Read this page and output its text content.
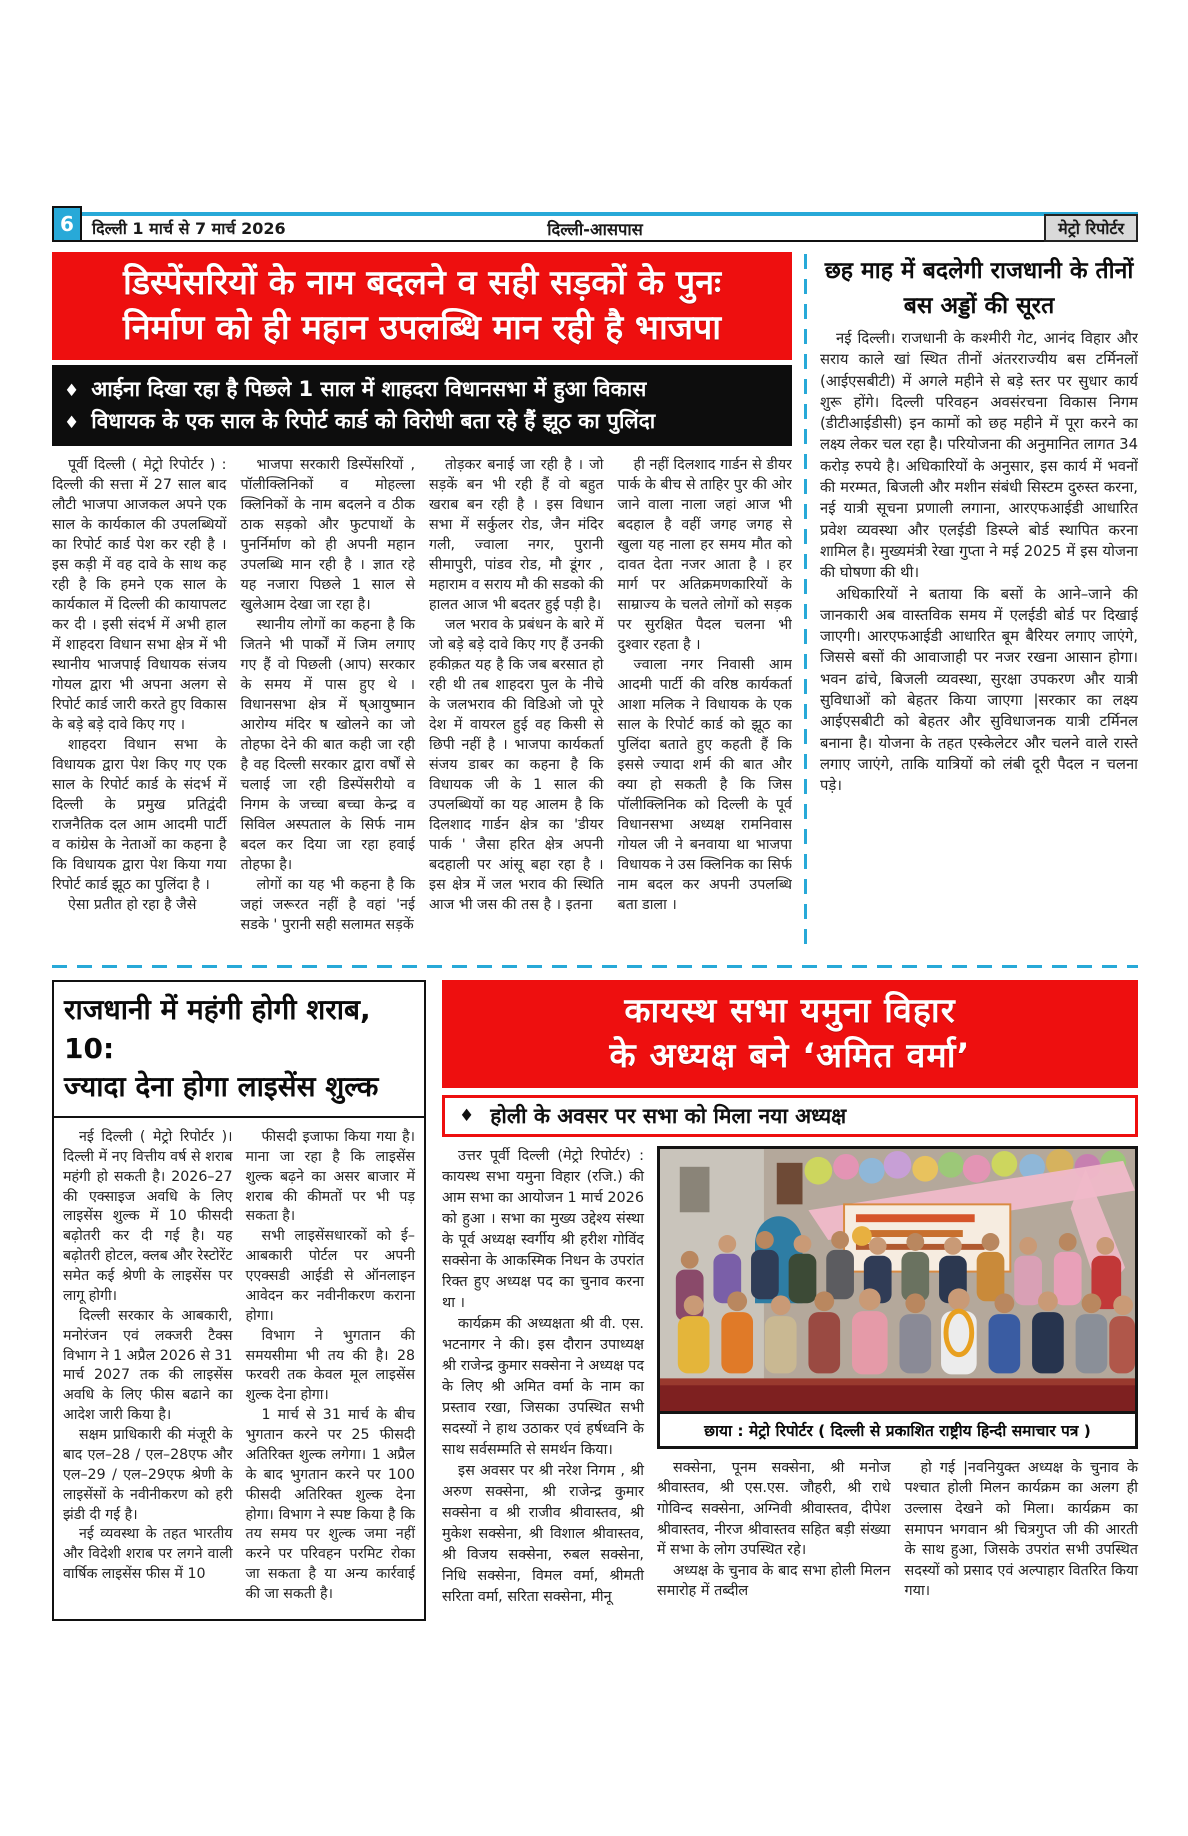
6	दिल्ली 1 मार्च से 7 मार्च 2026	दिल्ली-आसपास	मेट्रो रिपोर्टर
डिस्पेंसरियों के नाम बदलने व सही सड़कों के पुनः
निर्माण को ही महान उपलब्धि मान रही है भाजपा
♦ आईना दिखा रहा है पिछले 1 साल में शाहदरा विधानसभा में हुआ विकास
♦ विधायक के एक साल के रिपोर्ट कार्ड को विरोधी बता रहे हैं झूठ का पुलिंदा

पूर्वी दिल्ली ( मेट्रो रिपोर्टर ) : दिल्ली की सत्ता में 27 साल बाद लौटी भाजपा आजकल अपने एक साल के कार्यकाल की उपलब्धियों का रिपोर्ट कार्ड पेश कर रही है । इस कड़ी में वह दावे के साथ कह रही है कि हमने एक साल के कार्यकाल में दिल्ली की कायापलट कर दी । इसी संदर्भ में अभी हाल में शाहदरा विधान सभा क्षेत्र में भी स्थानीय भाजपाई विधायक संजय गोयल द्वारा भी अपना अलग से रिपोर्ट कार्ड जारी करते हुए विकास के बड़े बड़े दावे किए गए ।

शाहदरा विधान सभा के विधायक द्वारा पेश किए गए एक साल के रिपोर्ट कार्ड के संदर्भ में दिल्ली के प्रमुख प्रतिद्वंदी राजनैतिक दल आम आदमी पार्टी व कांग्रेस के नेताओं का कहना है कि विधायक द्वारा पेश किया गया रिपोर्ट कार्ड झूठ का पुलिंदा है ।

ऐसा प्रतीत हो रहा है जैसे

भाजपा सरकारी डिस्पेंसरियों , पॉलीक्लिनिकों व मोहल्ला क्लिनिकों के नाम बदलने व ठीक ठाक सड़को और फुटपाथों के पुनर्निर्माण को ही अपनी महान उपलब्धि मान रही है । ज्ञात रहे यह नजारा पिछले 1 साल से खुलेआम देखा जा रहा है।

स्थानीय लोगों का कहना है कि जितने भी पार्कों में जिम लगाए गए हैं वो पिछली (आप) सरकार के समय में पास हुए थे । विधानसभा क्षेत्र में ष्आयुष्मान आरोग्य मंदिर ष खोलने का जो तोहफा देने की बात कही जा रही है वह दिल्ली सरकार द्वारा वर्षों से चलाई जा रही डिस्पेंसरीयो व निगम के जच्चा बच्चा केन्द्र व सिविल अस्पताल के सिर्फ नाम बदल कर दिया जा रहा हवाई तोहफा है।

लोगों का यह भी कहना है कि जहां जरूरत नहीं है वहां 'नई सडके ' पुरानी सही सलामत सड़कें

तोड़कर बनाई जा रही है । जो सड़कें बन भी रही हैं वो बहुत खराब बन रही है । इस विधान सभा में सर्कुलर रोड, जैन मंदिर गली, ज्वाला नगर, पुरानी सीमापुरी, पांडव रोड, मौ डूंगर , महाराम व सराय मौ की सडको की हालत आज भी बदतर हुई पड़ी है।

जल भराव के प्रबंधन के बारे में जो बड़े बड़े दावे किए गए हैं उनकी हकीक़त यह है कि जब बरसात हो रही थी तब शाहदरा पुल के नीचे के जलभराव की विडिओ जो पूरे देश में वायरल हुई वह किसी से छिपी नहीं है । भाजपा कार्यकर्ता संजय डाबर का कहना है कि विधायक जी के 1 साल की उपलब्धियों का यह आलम है कि दिलशाद गार्डन क्षेत्र का 'डीयर पार्क ' जैसा हरित क्षेत्र अपनी बदहाली पर आंसू बहा रहा है । इस क्षेत्र में जल भराव की स्थिति आज भी जस की तस है । इतना

ही नहीं दिलशाद गार्डन से डीयर पार्क के बीच से ताहिर पुर की ओर जाने वाला नाला जहां आज भी बदहाल है वहीं जगह जगह से खुला यह नाला हर समय मौत को दावत देता नजर आता है । हर मार्ग पर अतिक्रमणकारियों के साम्राज्य के चलते लोगों को सड़क पर सुरक्षित पैदल चलना भी दुश्वार रहता है ।

ज्वाला नगर निवासी आम आदमी पार्टी की वरिष्ठ कार्यकर्ता आशा मलिक ने विधायक के एक साल के रिपोर्ट कार्ड को झूठ का पुलिंदा बताते हुए कहती हैं कि इससे ज्यादा शर्म की बात और क्या हो सकती है कि जिस पॉलीक्लिनिक को दिल्ली के पूर्व विधानसभा अध्यक्ष रामनिवास गोयल जी ने बनवाया था भाजपा विधायक ने उस क्लिनिक का सिर्फ नाम बदल कर अपनी उपलब्धि बता डाला ।

छह माह में बदलेगी राजधानी के तीनों बस अड्डों की सूरत

नई दिल्ली। राजधानी के कश्मीरी गेट, आनंद विहार और सराय काले खां स्थित तीनों अंतरराज्यीय बस टर्मिनलों (आईएसबीटी) में अगले महीने से बड़े स्तर पर सुधार कार्य शुरू होंगे। दिल्ली परिवहन अवसंरचना विकास निगम (डीटीआईडीसी) इन कामों को छह महीने में पूरा करने का लक्ष्य लेकर चल रहा है। परियोजना की अनुमानित लागत 34 करोड़ रुपये है। अधिकारियों के अनुसार, इस कार्य में भवनों की मरम्मत, बिजली और मशीन संबंधी सिस्टम दुरुस्त करना, नई यात्री सूचना प्रणाली लगाना, आरएफआईडी आधारित प्रवेश व्यवस्था और एलईडी डिस्प्ले बोर्ड स्थापित करना शामिल है। मुख्यमंत्री रेखा गुप्ता ने मई 2025 में इस योजना की घोषणा की थी।

अधिकारियों ने बताया कि बसों के आने–जाने की जानकारी अब वास्तविक समय में एलईडी बोर्ड पर दिखाई जाएगी। आरएफआईडी आधारित बूम बैरियर लगाए जाएंगे, जिससे बसों की आवाजाही पर नजर रखना आसान होगा। भवन ढांचे, बिजली व्यवस्था, सुरक्षा उपकरण और यात्री सुविधाओं को बेहतर किया जाएगा |सरकार का लक्ष्य आईएसबीटी को बेहतर और सुविधाजनक यात्री टर्मिनल बनाना है। योजना के तहत एस्केलेटर और चलने वाले रास्ते लगाए जाएंगे, ताकि यात्रियों को लंबी दूरी पैदल न चलना पड़े।

राजधानी में महंगी होगी शराब, 10:
ज्यादा देना होगा लाइसेंस शुल्क

नई दिल्ली ( मेट्रो रिपोर्टर )। दिल्ली में नए वित्तीय वर्ष से शराब महंगी हो सकती है। 2026–27 की एक्साइज अवधि के लिए लाइसेंस शुल्क में 10 फीसदी बढ़ोतरी कर दी गई है। यह बढ़ोतरी होटल, क्लब और रेस्टोरेंट समेत कई श्रेणी के लाइसेंस पर लागू होगी।

दिल्ली सरकार के आबकारी, मनोरंजन एवं लक्जरी टैक्स विभाग ने 1 अप्रैल 2026 से 31 मार्च 2027 तक की लाइसेंस अवधि के लिए फीस बढाने का आदेश जारी किया है।

सक्षम प्राधिकारी की मंजूरी के बाद एल–28 / एल–28एफ और एल–29 / एल–29एफ श्रेणी के लाइसेंसों के नवीनीकरण को हरी झंडी दी गई है।

नई व्यवस्था के तहत भारतीय और विदेशी शराब पर लगने वाली वार्षिक लाइसेंस फीस में 10

फीसदी इजाफा किया गया है। माना जा रहा है कि लाइसेंस शुल्क बढ़ने का असर बाजार में शराब की कीमतों पर भी पड़ सकता है।

सभी लाइसेंसधारकों को ई–आबकारी पोर्टल पर अपनी एएक्सडी आईडी से ऑनलाइन आवेदन कर नवीनीकरण कराना होगा।

विभाग ने भुगतान की समयसीमा भी तय की है। 28 फरवरी तक केवल मूल लाइसेंस शुल्क देना होगा।

1 मार्च से 31 मार्च के बीच भुगतान करने पर 25 फीसदी अतिरिक्त शुल्क लगेगा। 1 अप्रैल के बाद भुगतान करने पर 100 फीसदी अतिरिक्त शुल्क देना होगा। विभाग ने स्पष्ट किया है कि तय समय पर शुल्क जमा नहीं करने पर परिवहन परमिट रोका जा सकता है या अन्य कार्रवाई की जा सकती है।

कायस्थ सभा यमुना विहार
के अध्यक्ष बने ‘अमित वर्मा’
♦ होली के अवसर पर सभा को मिला नया अध्यक्ष

उत्तर पूर्वी दिल्ली (मेट्रो रिपोर्टर) : कायस्थ सभा यमुना विहार (रजि.) की आम सभा का आयोजन 1 मार्च 2026 को हुआ । सभा का मुख्य उद्देश्य संस्था के पूर्व अध्यक्ष स्वर्गीय श्री हरीश गोविंद सक्सेना के आकस्मिक निधन के उपरांत रिक्त हुए अध्यक्ष पद का चुनाव करना था ।

कार्यक्रम की अध्यक्षता श्री वी. एस. भटनागर ने की। इस दौरान उपाध्यक्ष श्री राजेन्द्र कुमार सक्सेना ने अध्यक्ष पद के लिए श्री अमित वर्मा के नाम का प्रस्ताव रखा, जिसका उपस्थित सभी सदस्यों ने हाथ उठाकर एवं हर्षध्वनि के साथ सर्वसम्मति से समर्थन किया।

इस अवसर पर श्री नरेश निगम , श्री अरुण सक्सेना, श्री राजेन्द्र कुमार सक्सेना व श्री राजीव श्रीवास्तव, श्री मुकेश सक्सेना, श्री विशाल श्रीवास्तव, श्री विजय सक्सेना, रुबल सक्सेना, निधि सक्सेना, विमल वर्मा, श्रीमती सरिता वर्मा, सरिता सक्सेना, मीनू

छाया : मेट्रो रिपोर्टर ( दिल्ली से प्रकाशित राष्ट्रीय हिन्दी समाचार पत्र )

सक्सेना, पूनम सक्सेना, श्री मनोज श्रीवास्तव, श्री एस.एस. जौहरी, श्री राधे गोविन्द सक्सेना, अग्निवी श्रीवास्तव, दीपेश श्रीवास्तव, नीरज श्रीवास्तव सहित बड़ी संख्या में सभा के लोग उपस्थित रहे।

अध्यक्ष के चुनाव के बाद सभा होली मिलन समारोह में तब्दील

हो गई |नवनियुक्त अध्यक्ष के चुनाव के पश्चात होली मिलन कार्यक्रम का अलग ही उल्लास देखने को मिला। कार्यक्रम का समापन भगवान श्री चित्रगुप्त जी की आरती के साथ हुआ, जिसके उपरांत सभी उपस्थित सदस्यों को प्रसाद एवं अल्पाहार वितरित किया गया।
